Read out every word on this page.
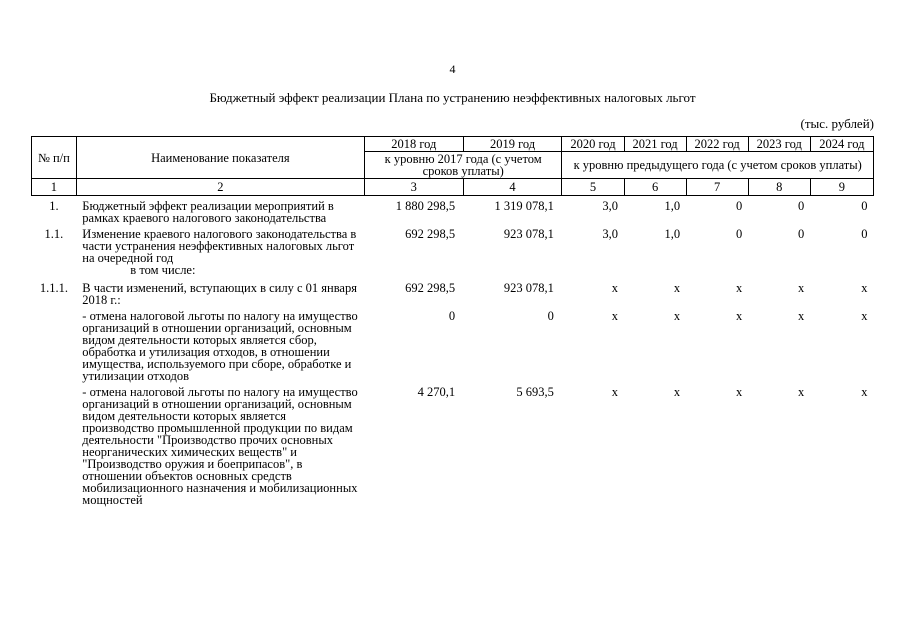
4
Бюджетный эффект реализации Плана по устранению неэффективных налоговых льгот
(тыс. рублей)
№ п/п	Наименование показателя	2018 год	2019 год	2020 год	2021 год	2022 год	2023 год	2024 год
		к уровню 2017 года (с учетом сроков уплаты)		к уровню предыдущего года (с учетом сроков уплаты)				
1	2	3	4	5	6	7	8	9
1.	Бюджетный эффект реализации мероприятий в рамках краевого налогового законодательства	1 880 298,5	1 319 078,1	3,0	1,0	0	0	0
1.1.	Изменение краевого налогового законодательства в части устранения неэффективных налоговых льгот на очередной год	692 298,5	923 078,1	3,0	1,0	0	0	0
	в том числе:							
1.1.1.	В части изменений, вступающих в силу с 01 января 2018 г.:	692 298,5	923 078,1	х	х	х	х	х
	- отмена налоговой льготы по налогу на имущество организаций в отношении организаций, основным видом деятельности которых является сбор, обработка и утилизация отходов, в отношении имущества, используемого при сборе, обработке и утилизации отходов	0	0	х	х	х	х	х
	- отмена налоговой льготы по налогу на имущество организаций в отношении организаций, основным видом деятельности которых является производство промышленной продукции по видам деятельности "Производство прочих основных неорганических химических веществ" и "Производство оружия и боеприпасов", в отношении объектов основных средств мобилизационного назначения и мобилизационных мощностей	4 270,1	5 693,5	х	х	х	х	х
